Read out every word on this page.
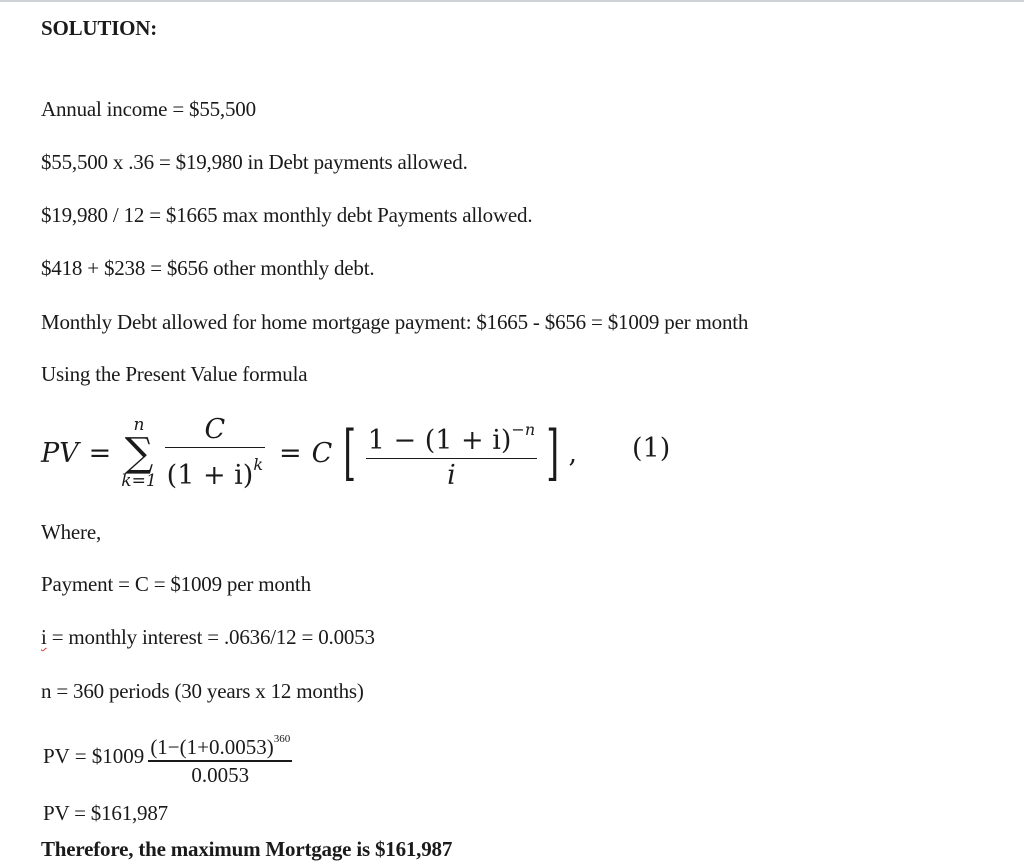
SOLUTION:
Annual income = $55,500
$55,500 x .36 = $19,980 in Debt payments allowed.
$19,980 / 12 = $1665 max monthly debt Payments allowed.
$418 + $238 = $656 other monthly debt.
Monthly Debt allowed for home mortgage payment: $1665 - $656 = $1009 per month
Using the Present Value formula
PV =
n
∑
$k=1 \frac{C}{(1 + i)^k} = C$ [ $\frac{1 - (1 + i)^{-n}}{i}$ ] , (1)
Where,
Payment = C = $1009 per month
i = monthly interest = .0636/12 = 0.0053
n = 360 periods (30 years x 12 months)
PV = $1009 $\frac{(1-(1+0.0053)^{360}}{0.0053}$
PV = $161,987
Therefore, the maximum Mortgage is $161,987
